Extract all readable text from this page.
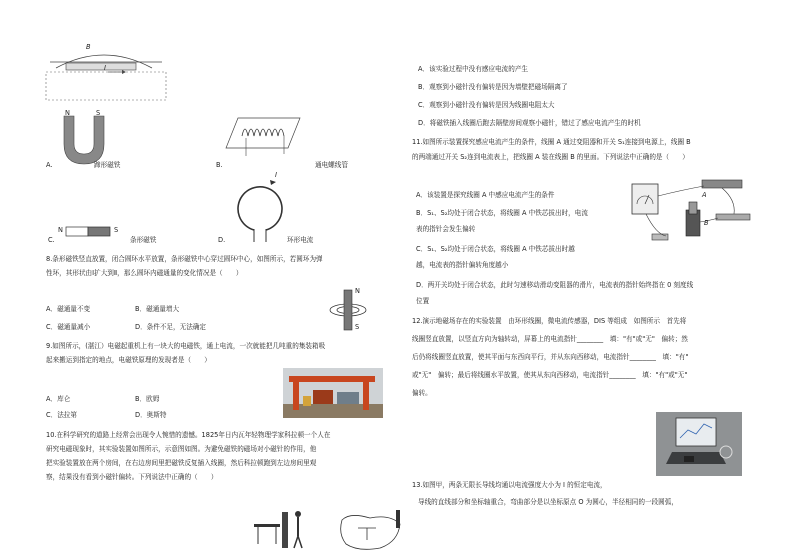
B
I
N	S
A.	蹄形磁铁	B.	通电螺线管
N	S
C.	条形磁铁
I
D.	环形电流
8.条形磁铁竖直放置，闭合圆环水平放置，条形磁铁中心穿过圆环中心，如图所示，若圆环为弹
性环，其形状由Ⅰ扩大到Ⅱ，那么圆环内磁通量的变化情况是（　　）
A．磁通量不变	B．磁通量增大
C．磁通量减小	D．条件不足，无法确定
N
S
9.如图所示，(湛江）电磁起重机上有一块大的电磁铁，通上电流，一次就能把几吨重的集装箱吸
起来搬运到指定的地点，电磁铁原理的发现者是（　　）
A．库仑	B．欧姆
C．法拉第	D．奥斯特
10.在科学研究的道路上经常会出现令人惋惜的遗憾。1825年日内瓦年轻物理学家科拉顿一个人在
研究电磁现象时，其实验装置如图所示，示意图如图。为避免磁铁的磁场对小磁针的作用，他
把实验装置放在两个房间，在右边房间里把磁铁反复插入线圈，然后科拉顿跑到左边房间里观
察，结果没有看到小磁针偏转。下列说法中正确的（　　）
A．该实验过程中没有感应电流的产生
B．观察到小磁针没有偏转是因为墙壁把磁场隔离了
C．观察到小磁针没有偏转是因为线圈电阻太大
D．将磁铁插入线圈后跑去隔壁房间观察小磁针，错过了感应电流产生的时机
11.如图所示装置探究感应电流产生的条件，线圈 A 通过变阻器和开关 S₁连接到电源上，线圈 B
的两端通过开关 S₂连到电流表上，把线圈 A 装在线圈 B 的里面。下列说法中正确的是（　　）
A．该装置是探究线圈 A 中感应电流产生的条件
B．S₁、S₂均处于闭合状态，将线圈 A 中铁芯拔出时，电流
表的指针会发生偏转
C．S₁、S₂均处于闭合状态，将线圈 A 中铁芯拔出时越
越，电流表的指针偏转角度越小
D．两开关均处于闭合状态，此时匀速移动滑动变阻器的滑片，电流表的指针始终指在 0 刻度线
位置
A
B
12.演示地磁场存在的实验装置　由环形线圈，微电流传感器，DIS 等组成　如图所示　首先将
线圈竖直放置，以竖直方向为轴转动，屏幕上的电流指针________　填："有"或"无"　偏转；然
后仍将线圈竖直放置，使其平面与东西向平行，并从东向西移动，电流指针________　填："有"
或"无"　偏转；最后将线圈水平放置，使其从东向西移动，电流指针________　填："有"或"无"
偏转。
13.如图甲，两条无限长导线均通以电流强度大小为 I 的恒定电流，
导线的直线部分和坐标轴重合，弯曲部分是以坐标原点 O 为圆心，半径相同的一段圆弧，
